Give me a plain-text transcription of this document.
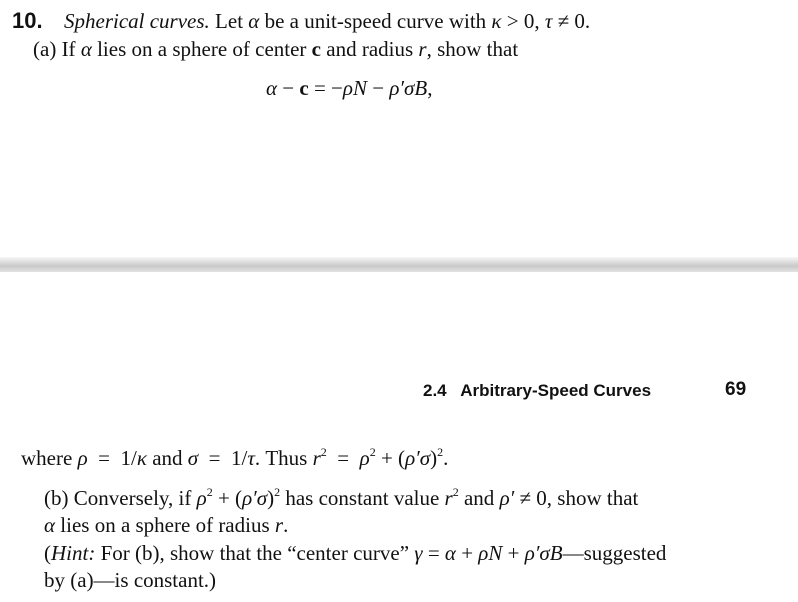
10. Spherical curves. Let α be a unit-speed curve with κ > 0, τ ≠ 0.
(a) If α lies on a sphere of center c and radius r, show that
α − c = −ρN − ρ′σB,
2.4 Arbitrary-Speed Curves	69
where ρ  =  1/κ and σ  =  1/τ. Thus $r^2 = \rho^2 + (\rho'\sigma)^2$.
(b) Conversely, if $\rho^2 + (\rho'\sigma)^2$ has constant value $r^2$ and ρ′ ≠ 0, show that
α lies on a sphere of radius r.
(Hint: For (b), show that the “center curve” γ = α + ρN + ρ′σB—suggested
by (a)—is constant.)
